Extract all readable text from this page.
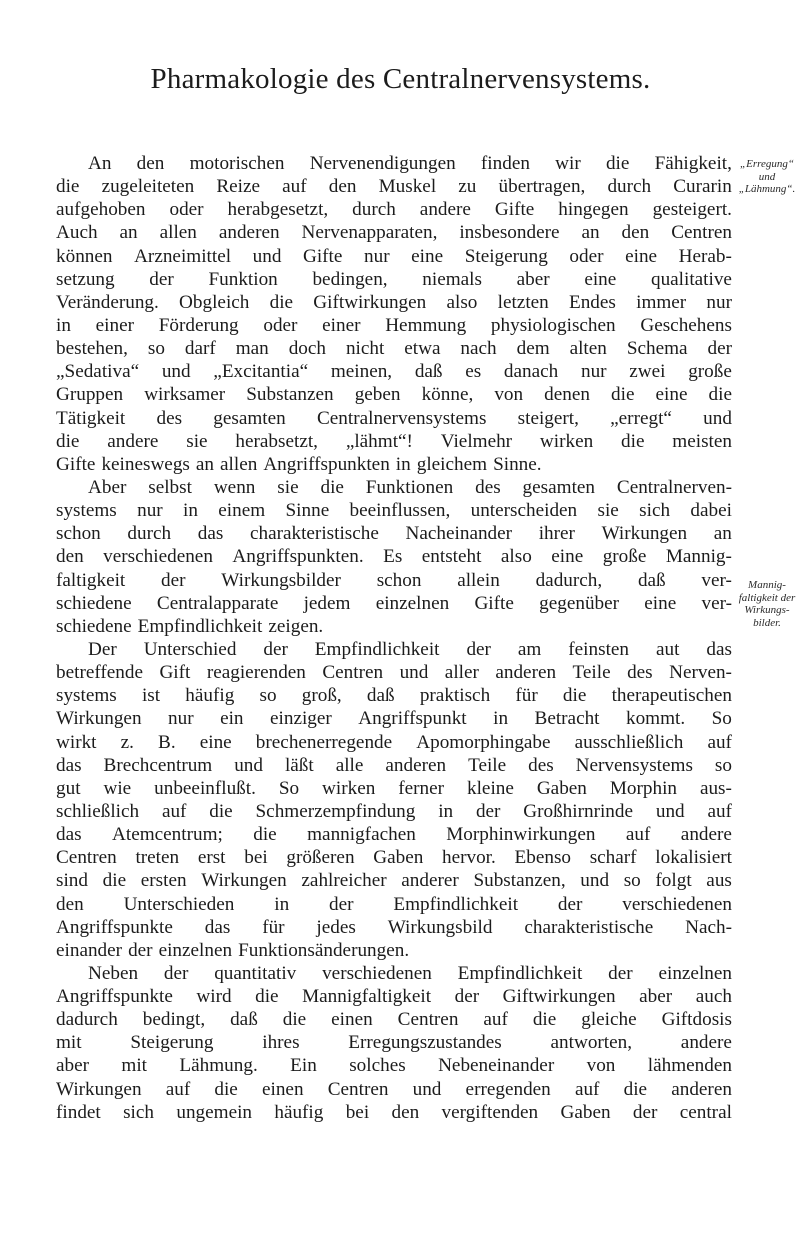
Pharmakologie des Centralnervensystems.
An den motorischen Nervenendigungen finden wir die Fähigkeit,
die zugeleiteten Reize auf den Muskel zu übertragen, durch Curarin
aufgehoben oder herabgesetzt, durch andere Gifte hingegen gesteigert.
Auch an allen anderen Nervenapparaten, insbesondere an den Centren
können Arzneimittel und Gifte nur eine Steigerung oder eine Herab-
setzung der Funktion bedingen, niemals aber eine qualitative
Veränderung. Obgleich die Giftwirkungen also letzten Endes immer nur
in einer Förderung oder einer Hemmung physiologischen Geschehens
bestehen, so darf man doch nicht etwa nach dem alten Schema der
„Sedativa“ und „Excitantia“ meinen, daß es danach nur zwei große
Gruppen wirksamer Substanzen geben könne, von denen die eine die
Tätigkeit des gesamten Centralnervensystems steigert, „erregt“ und
die andere sie herabsetzt, „lähmt“! Vielmehr wirken die meisten
Gifte keineswegs an allen Angriffspunkten in gleichem Sinne.
Aber selbst wenn sie die Funktionen des gesamten Centralnerven-
systems nur in einem Sinne beeinflussen, unterscheiden sie sich dabei
schon durch das charakteristische Nacheinander ihrer Wirkungen an
den verschiedenen Angriffspunkten. Es entsteht also eine große Mannig-
faltigkeit der Wirkungsbilder schon allein dadurch, daß ver-
schiedene Centralapparate jedem einzelnen Gifte gegenüber eine ver-
schiedene Empfindlichkeit zeigen.
Der Unterschied der Empfindlichkeit der am feinsten aut das
betreffende Gift reagierenden Centren und aller anderen Teile des Nerven-
systems ist häufig so groß, daß praktisch für die therapeutischen
Wirkungen nur ein einziger Angriffspunkt in Betracht kommt. So
wirkt z. B. eine brechenerregende Apomorphingabe ausschließlich auf
das Brechcentrum und läßt alle anderen Teile des Nervensystems so
gut wie unbeeinflußt. So wirken ferner kleine Gaben Morphin aus-
schließlich auf die Schmerzempfindung in der Großhirnrinde und auf
das Atemcentrum; die mannigfachen Morphinwirkungen auf andere
Centren treten erst bei größeren Gaben hervor. Ebenso scharf lokalisiert
sind die ersten Wirkungen zahlreicher anderer Substanzen, und so folgt aus
den Unterschieden in der Empfindlichkeit der verschiedenen
Angriffspunkte das für jedes Wirkungsbild charakteristische Nach-
einander der einzelnen Funktionsänderungen.
Neben der quantitativ verschiedenen Empfindlichkeit der einzelnen
Angriffspunkte wird die Mannigfaltigkeit der Giftwirkungen aber auch
dadurch bedingt, daß die einen Centren auf die gleiche Giftdosis
mit	Steigerung	ihres	Erregungszustandes	antworten,	andere
aber mit Lähmung. Ein solches Nebeneinander von lähmenden
Wirkungen auf die einen Centren und erregenden auf die anderen
findet sich ungemein häufig bei den vergiftenden Gaben der central
„Erregung“
und
„Lähmung“.
Mannig-
faltigkeit der
Wirkungs-
bilder.
